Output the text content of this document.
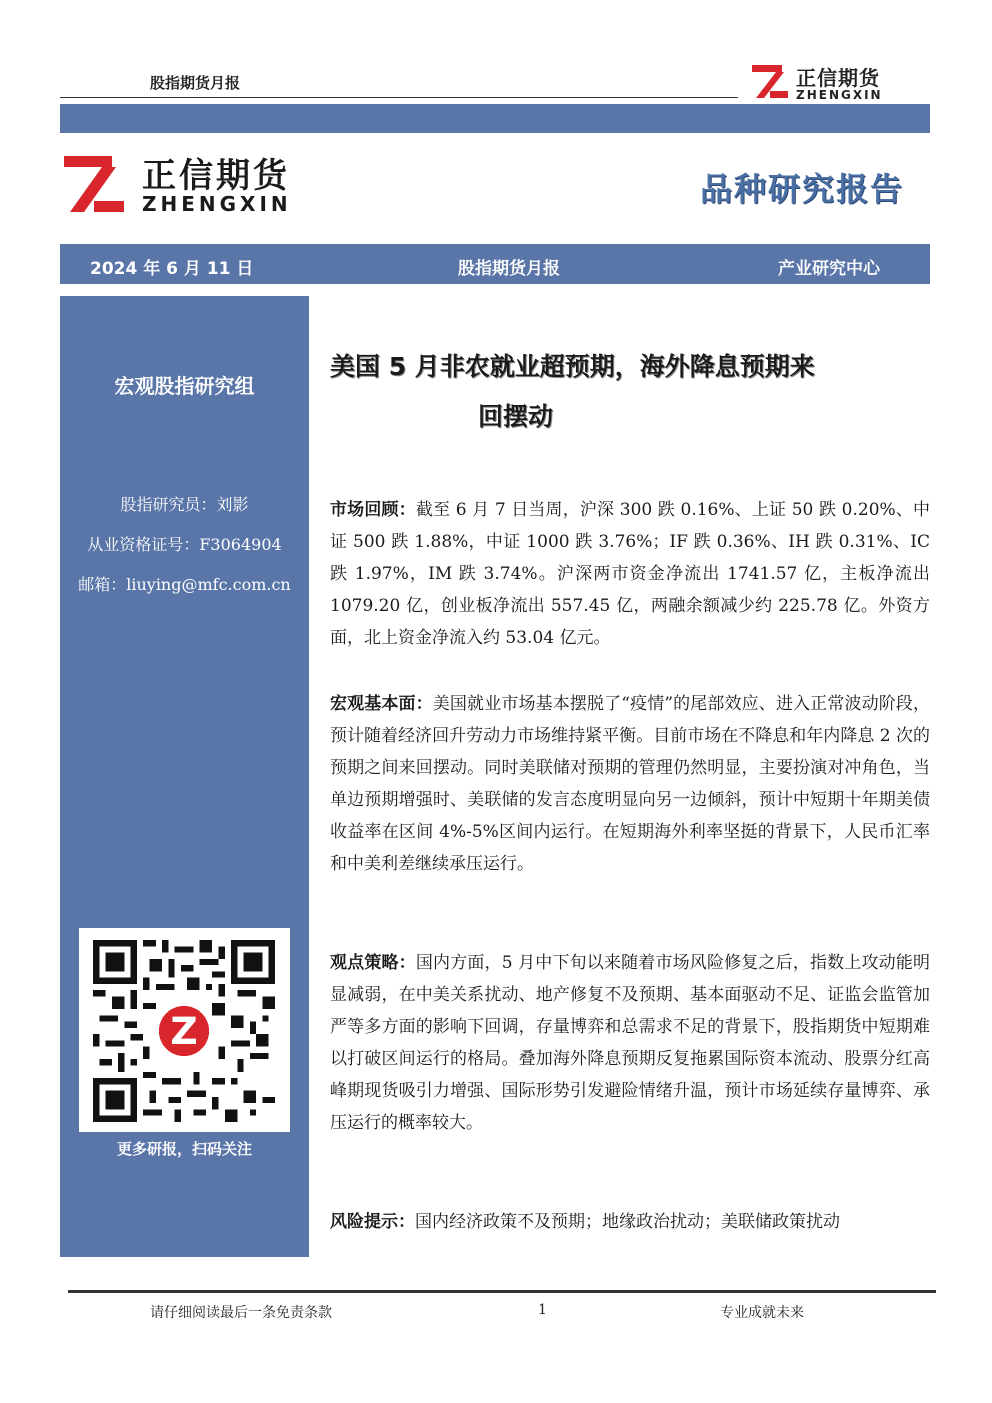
股指期货月报	正信期货
ZHENGXIN
正信期货
ZHENGXIN	品种研究报告
2024 年 6 月 11 日	股指期货月报	产业研究中心
宏观股指研究组
股指研究员：刘影
从业资格证号：F3064904
邮箱：liuying@mfc.com.cn
Z
更多研报，扫码关注
美国 5 月非农就业超预期，海外降息预期来
回摆动
市场回顾：截至 6 月 7 日当周，沪深 300 跌 0.16%、上证 50 跌 0.20%、中证 500 跌 1.88%，中证 1000 跌 3.76%；IF 跌 0.36%、IH 跌 0.31%、IC 跌 1.97%，IM 跌 3.74%。沪深两市资金净流出 1741.57 亿，主板净流出 1079.20 亿，创业板净流出 557.45 亿，两融余额减少约 225.78 亿。外资方面，北上资金净流入约 53.04 亿元。
宏观基本面：美国就业市场基本摆脱了“疫情”的尾部效应、进入正常波动阶段，预计随着经济回升劳动力市场维持紧平衡。目前市场在不降息和年内降息 2 次的预期之间来回摆动。同时美联储对预期的管理仍然明显，主要扮演对冲角色，当单边预期增强时、美联储的发言态度明显向另一边倾斜，预计中短期十年期美债收益率在区间 4%-5%区间内运行。在短期海外利率坚挺的背景下，人民币汇率和中美利差继续承压运行。
观点策略：国内方面，5 月中下旬以来随着市场风险修复之后，指数上攻动能明显减弱，在中美关系扰动、地产修复不及预期、基本面驱动不足、证监会监管加严等多方面的影响下回调，存量博弈和总需求不足的背景下，股指期货中短期难以打破区间运行的格局。叠加海外降息预期反复拖累国际资本流动、股票分红高峰期现货吸引力增强、国际形势引发避险情绪升温，预计市场延续存量博弈、承压运行的概率较大。
风险提示：国内经济政策不及预期；地缘政治扰动；美联储政策扰动
请仔细阅读最后一条免责条款	1	专业成就未来
